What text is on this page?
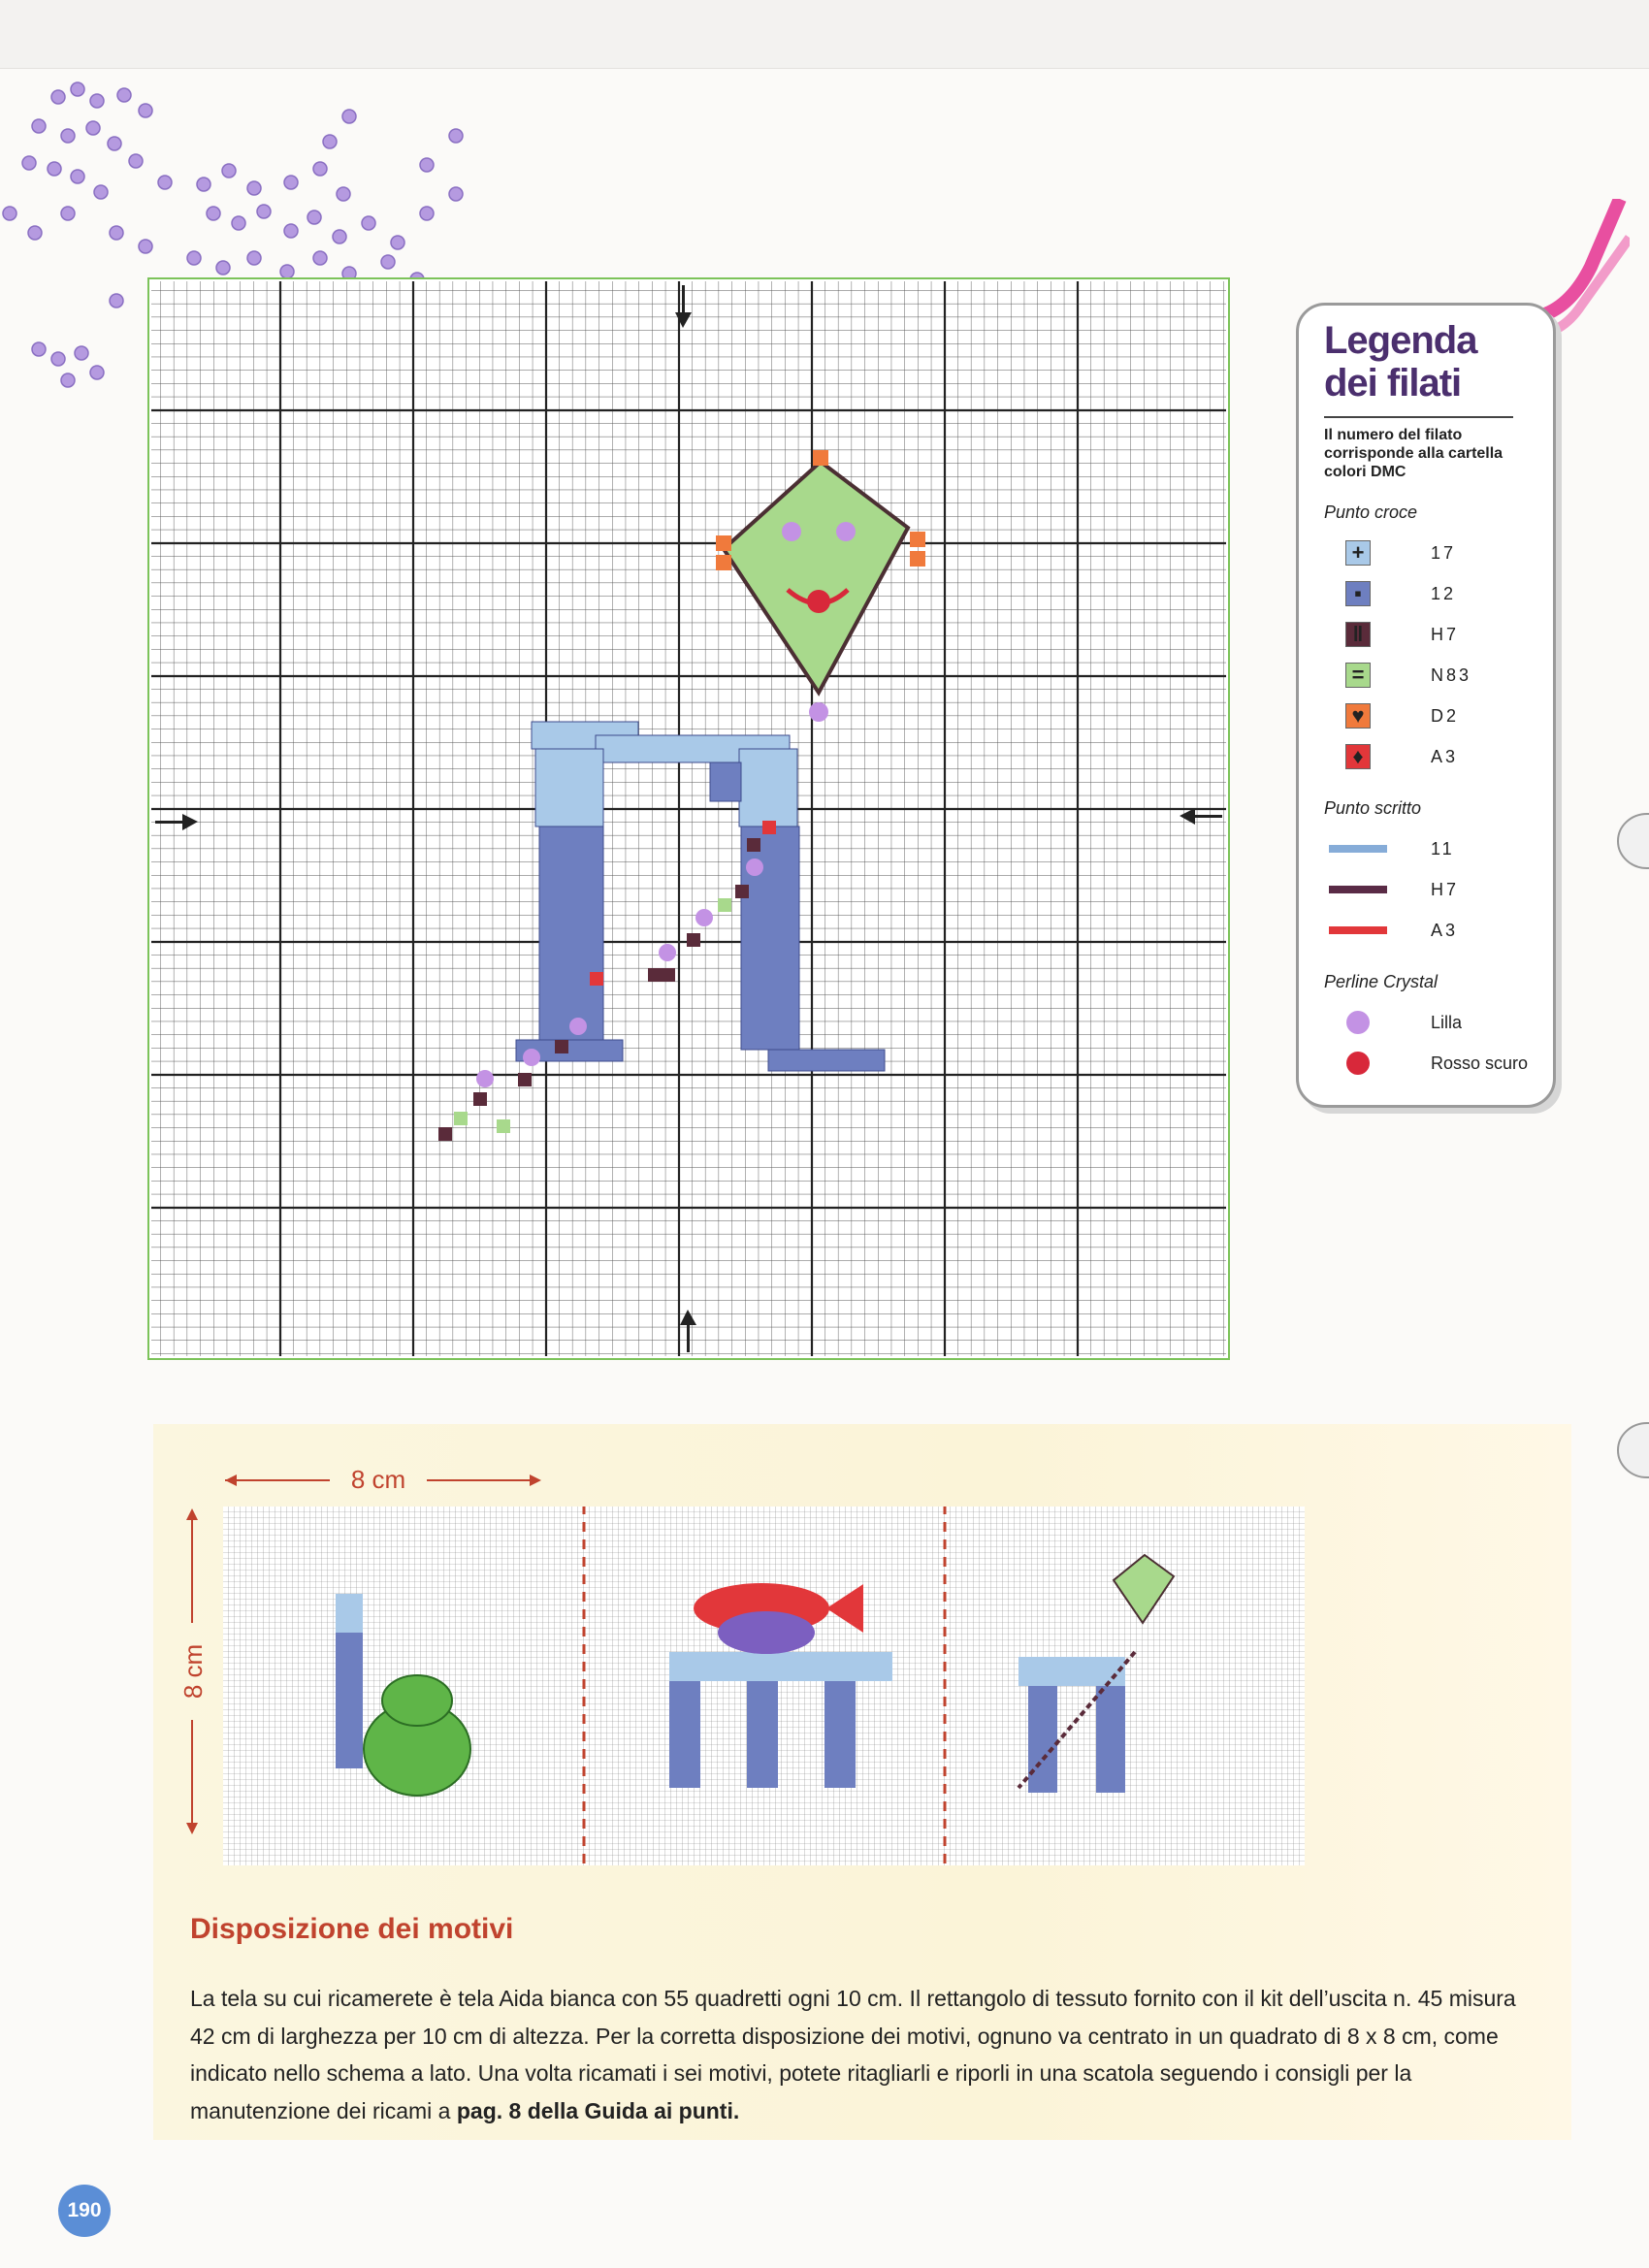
Legenda
dei filati
Il numero del filato corrisponde alla cartella colori DMC
Punto croce
+	17
▪	12
‖	H7
=	N83
♥	D2
♦	A3
Punto scritto
11
H7
A3
Perline Crystal
Lilla
Rosso scuro
8 cm
8 cm
Disposizione dei motivi

La tela su cui ricamerete è tela Aida bianca con 55 quadretti ogni 10 cm. Il rettangolo di tessuto fornito con il kit dell’uscita n. 45 misura 42 cm di larghezza per 10 cm di altezza. Per la corretta disposizione dei motivi, ognuno va centrato in un quadrato di 8 x 8 cm, come indicato nello schema a lato. Una volta ricamati i sei motivi, potete ritagliarli e riporli in una scatola seguendo i consigli per la manutenzione dei ricami a pag. 8 della Guida ai punti.

190
